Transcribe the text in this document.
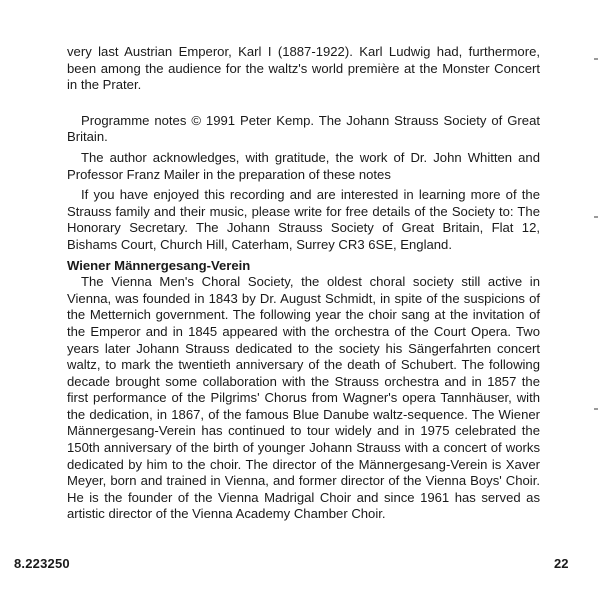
very last Austrian Emperor, Karl I (1887-1922). Karl Ludwig had, furthermore, been among the audience for the waltz's world première at the Monster Concert in the Prater.

Programme notes © 1991 Peter Kemp. The Johann Strauss Society of Great Britain.

The author acknowledges, with gratitude, the work of Dr. John Whitten and Professor Franz Mailer in the preparation of these notes

If you have enjoyed this recording and are interested in learning more of the Strauss family and their music, please write for free details of the Society to: The Honorary Secretary. The Johann Strauss Society of Great Britain, Flat 12, Bishams Court, Church Hill, Caterham, Surrey CR3 6SE, England.

Wiener Männergesang-Verein

The Vienna Men's Choral Society, the oldest choral society still active in Vienna, was founded in 1843 by Dr. August Schmidt, in spite of the suspicions of the Metternich government. The following year the choir sang at the invitation of the Emperor and in 1845 appeared with the orchestra of the Court Opera. Two years later Johann Strauss dedicated to the society his Sängerfahrten concert waltz, to mark the twentieth anniversary of the death of Schubert. The following decade brought some collaboration with the Strauss orchestra and in 1857 the first performance of the Pilgrims' Chorus from Wagner's opera Tannhäuser, with the dedication, in 1867, of the famous Blue Danube waltz-sequence. The Wiener Männergesang-Verein has continued to tour widely and in 1975 celebrated the 150th anniversary of the birth of younger Johann Strauss with a concert of works dedicated by him to the choir. The director of the Männergesang-Verein is Xaver Meyer, born and trained in Vienna, and former director of the Vienna Boys' Choir. He is the founder of the Vienna Madrigal Choir and since 1961 has served as artistic director of the Vienna Academy Chamber Choir.

8.223250	22
